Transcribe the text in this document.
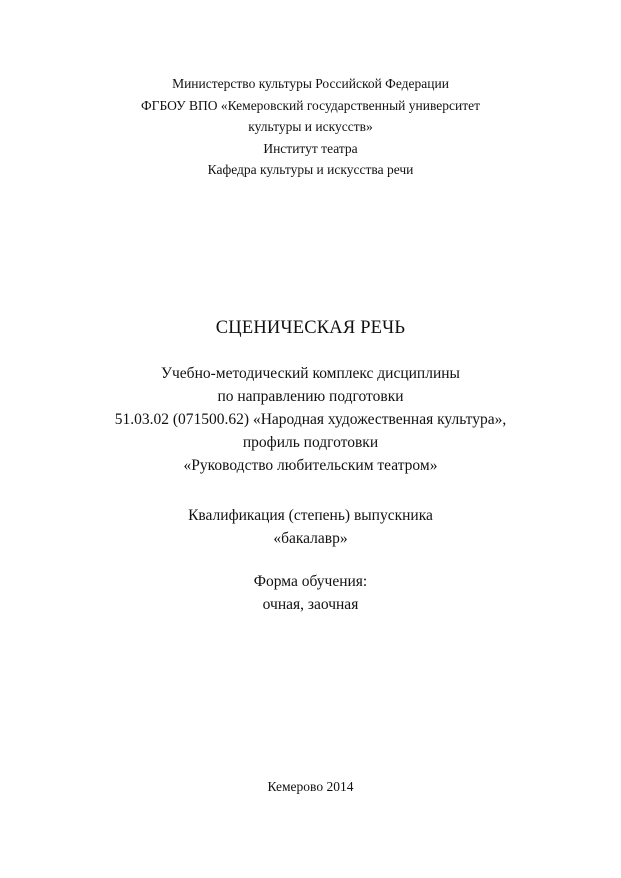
Министерство культуры Российской Федерации
ФГБОУ ВПО «Кемеровский государственный университет
культуры и искусств»
Институт театра
Кафедра культуры и искусства речи
СЦЕНИЧЕСКАЯ РЕЧЬ
Учебно-методический комплекс дисциплины
по направлению подготовки
51.03.02 (071500.62) «Народная художественная культура»,
профиль подготовки
«Руководство любительским театром»
Квалификация (степень) выпускника
«бакалавр»
Форма обучения:
очная, заочная
Кемерово 2014
